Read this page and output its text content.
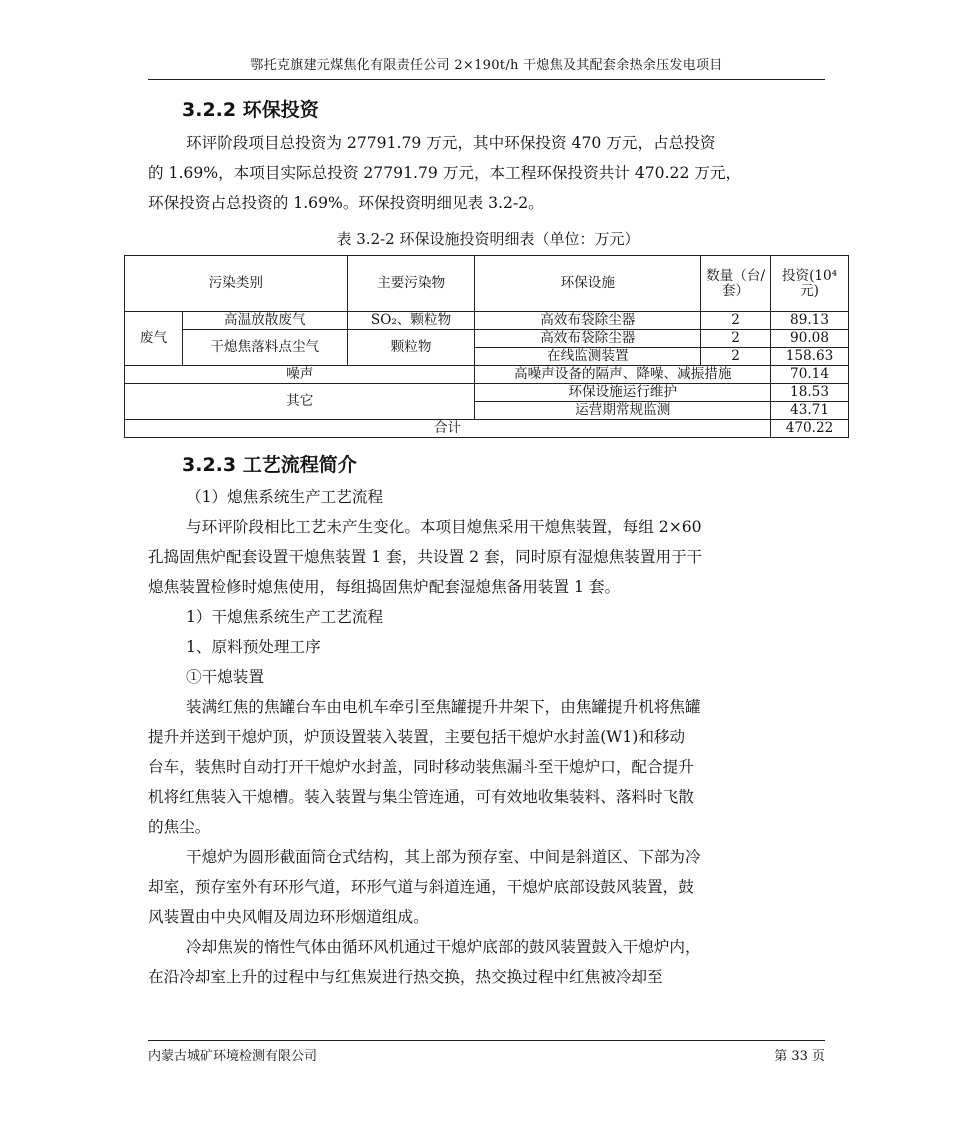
鄂托克旗建元煤焦化有限责任公司 2×190t/h 干熄焦及其配套余热余压发电项目
3.2.2 环保投资
环评阶段项目总投资为 27791.79 万元，其中环保投资 470 万元，占总投资
的 1.69%，本项目实际总投资 27791.79 万元，本工程环保投资共计 470.22 万元，
环保投资占总投资的 1.69%。环保投资明细见表 3.2-2。
表 3.2-2 环保设施投资明细表（单位：万元）
污染类别		主要污染物	环保设施	数量（台/套）	投资(10⁴元)
废气	高温放散废气	SO₂、颗粒物	高效布袋除尘器	2	89.13
	干熄焦落料点尘气	颗粒物	高效布袋除尘器	2	90.08
			在线监测装置	2	158.63
噪声			高噪声设备的隔声、降噪、减振措施		70.14
其它			环保设施运行维护		18.53
			运营期常规监测		43.71
合计					470.22
3.2.3 工艺流程简介
（1）熄焦系统生产工艺流程
与环评阶段相比工艺未产生变化。本项目熄焦采用干熄焦装置，每组 2×60
孔捣固焦炉配套设置干熄焦装置 1 套，共设置 2 套，同时原有湿熄焦装置用于干
熄焦装置检修时熄焦使用，每组捣固焦炉配套湿熄焦备用装置 1 套。
1）干熄焦系统生产工艺流程
1、原料预处理工序
①干熄装置
装满红焦的焦罐台车由电机车牵引至焦罐提升井架下，由焦罐提升机将焦罐
提升并送到干熄炉顶，炉顶设置装入装置，主要包括干熄炉水封盖(W1)和移动
台车，装焦时自动打开干熄炉水封盖，同时移动装焦漏斗至干熄炉口，配合提升
机将红焦装入干熄槽。装入装置与集尘管连通，可有效地收集装料、落料时飞散
的焦尘。
干熄炉为圆形截面筒仓式结构，其上部为预存室、中间是斜道区、下部为冷
却室，预存室外有环形气道，环形气道与斜道连通，干熄炉底部设鼓风装置，鼓
风装置由中央风帽及周边环形烟道组成。
冷却焦炭的惰性气体由循环风机通过干熄炉底部的鼓风装置鼓入干熄炉内，
在沿冷却室上升的过程中与红焦炭进行热交换，热交换过程中红焦被冷却至
内蒙古城矿环境检测有限公司	第 33 页
